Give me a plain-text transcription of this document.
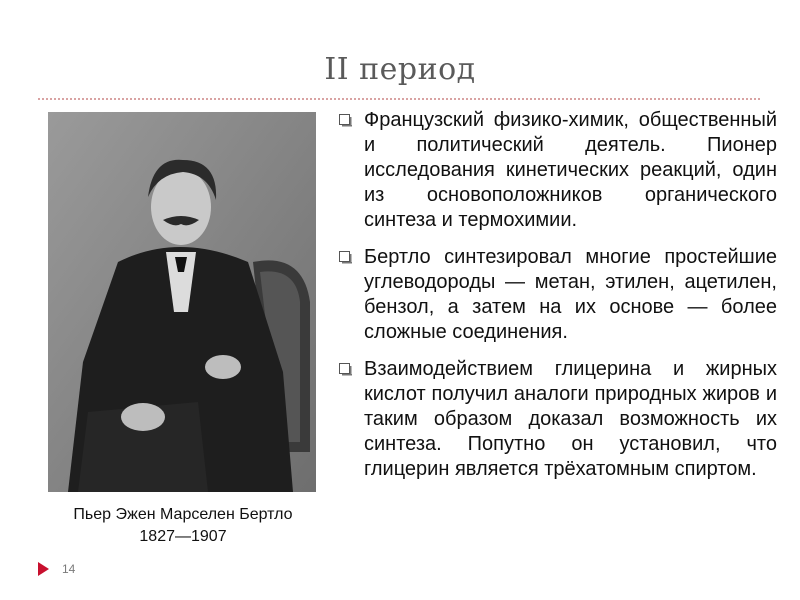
II период
Пьер Эжен Марселен Бертло
1827—1907
Французский физико-химик, общественный и политический деятель. Пионер исследования кинетических реакций, один из основоположников органического синтеза и термохимии.
Бертло синтезировал многие простейшие углеводороды — метан, этилен, ацетилен, бензол, а затем на их основе — более сложные соединения.
Взаимодействием глицерина и жирных кислот получил аналоги природных жиров и таким образом доказал возможность их синтеза. Попутно он установил, что глицерин является трёхатомным спиртом.
14
